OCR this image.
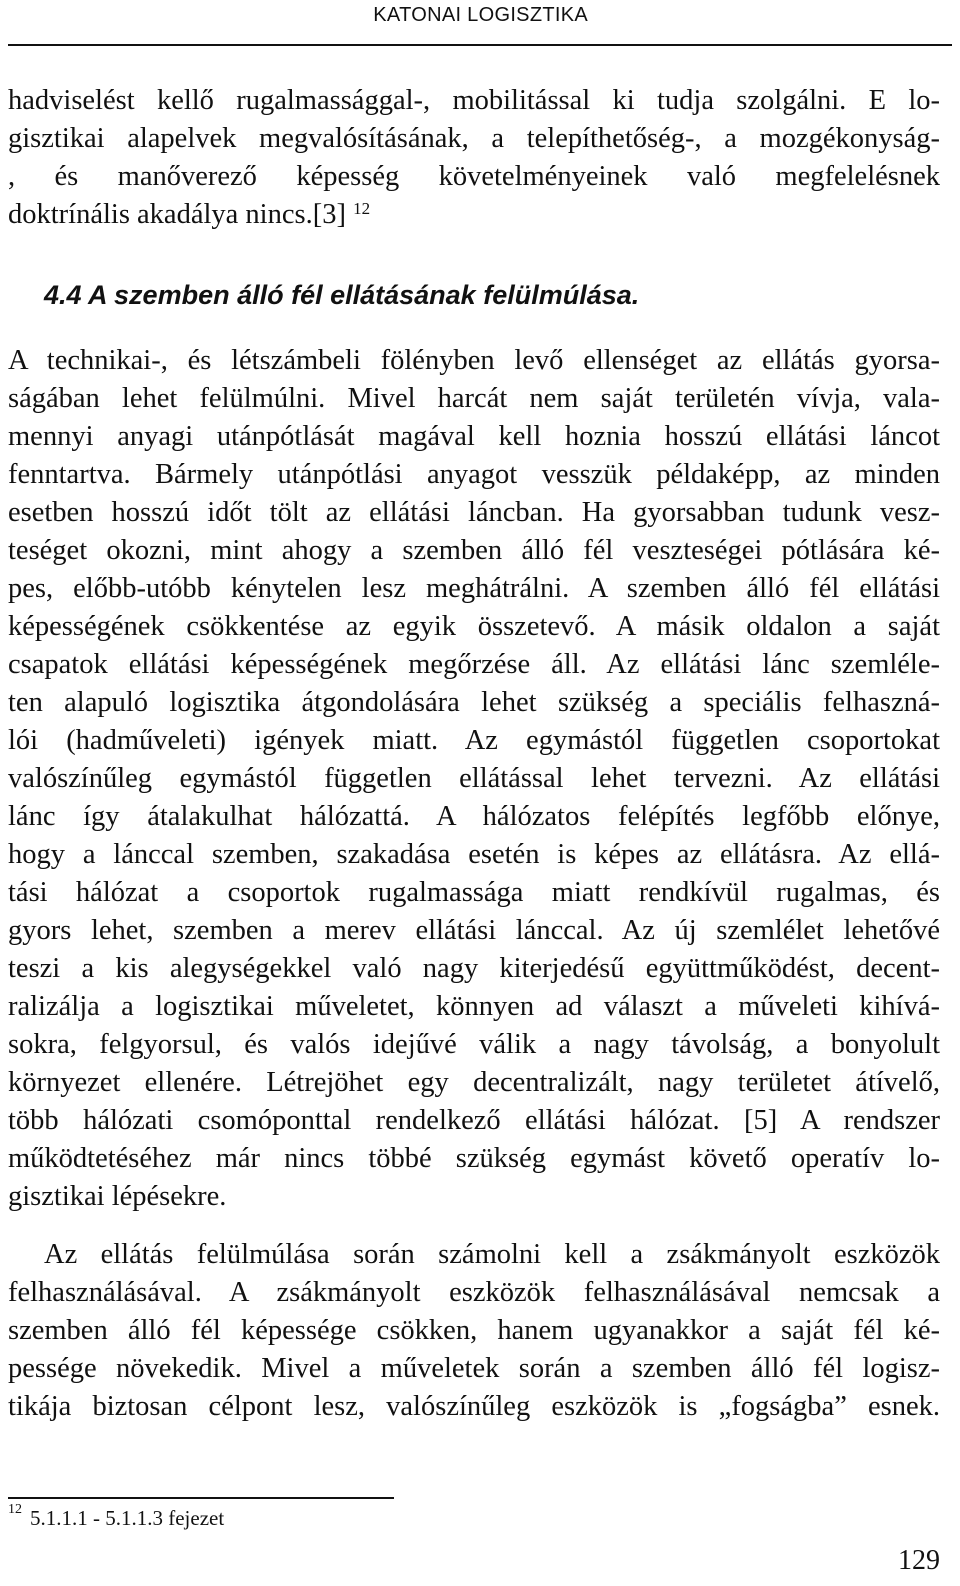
KATONAI LOGISZTIKA
hadviselést kellő rugalmassággal-, mobilitással ki tudja szolgálni. E lo-
gisztikai alapelvek megvalósításának, a telepíthetőség-, a mozgékonyság-
, és manőverező képesség követelményeinek való megfelelésnek
doktrínális akadálya nincs.[3] $^{12}$
4.4 A szemben álló fél ellátásának felülmúlása.
A technikai-, és létszámbeli fölényben levő ellenséget az ellátás gyorsa-
ságában lehet felülmúlni. Mivel harcát nem saját területén vívja, vala-
mennyi anyagi utánpótlását magával kell hoznia hosszú ellátási láncot
fenntartva. Bármely utánpótlási anyagot vesszük példaképp, az minden
esetben hosszú időt tölt az ellátási láncban. Ha gyorsabban tudunk vesz-
teséget okozni, mint ahogy a szemben álló fél veszteségei pótlására ké-
pes, előbb-utóbb kénytelen lesz meghátrálni. A szemben álló fél ellátási
képességének csökkentése az egyik összetevő. A másik oldalon a saját
csapatok ellátási képességének megőrzése áll. Az ellátási lánc szemléle-
ten alapuló logisztika átgondolására lehet szükség a speciális felhaszná-
lói (hadműveleti) igények miatt. Az egymástól független csoportokat
valószínűleg egymástól független ellátással lehet tervezni. Az ellátási
lánc így átalakulhat hálózattá. A hálózatos felépítés legfőbb előnye,
hogy a lánccal szemben, szakadása esetén is képes az ellátásra. Az ellá-
tási hálózat a csoportok rugalmassága miatt rendkívül rugalmas, és
gyors lehet, szemben a merev ellátási lánccal. Az új szemlélet lehetővé
teszi a kis alegységekkel való nagy kiterjedésű együttműködést, decent-
ralizálja a logisztikai műveletet, könnyen ad választ a műveleti kihívá-
sokra, felgyorsul, és valós idejűvé válik a nagy távolság, a bonyolult
környezet ellenére. Létrejöhet egy decentralizált, nagy területet átívelő,
több hálózati csomóponttal rendelkező ellátási hálózat. [5] A rendszer
működtetéséhez már nincs többé szükség egymást követő operatív lo-
gisztikai lépésekre.
Az ellátás felülmúlása során számolni kell a zsákmányolt eszközök
felhasználásával. A zsákmányolt eszközök felhasználásával nemcsak a
szemben álló fél képessége csökken, hanem ugyanakkor a saját fél ké-
pessége növekedik. Mivel a műveletek során a szemben álló fél logisz-
tikája biztosan célpont lesz, valószínűleg eszközök is „fogságba” esnek.
$^{12}$ 5.1.1.1 - 5.1.1.3 fejezet
129
